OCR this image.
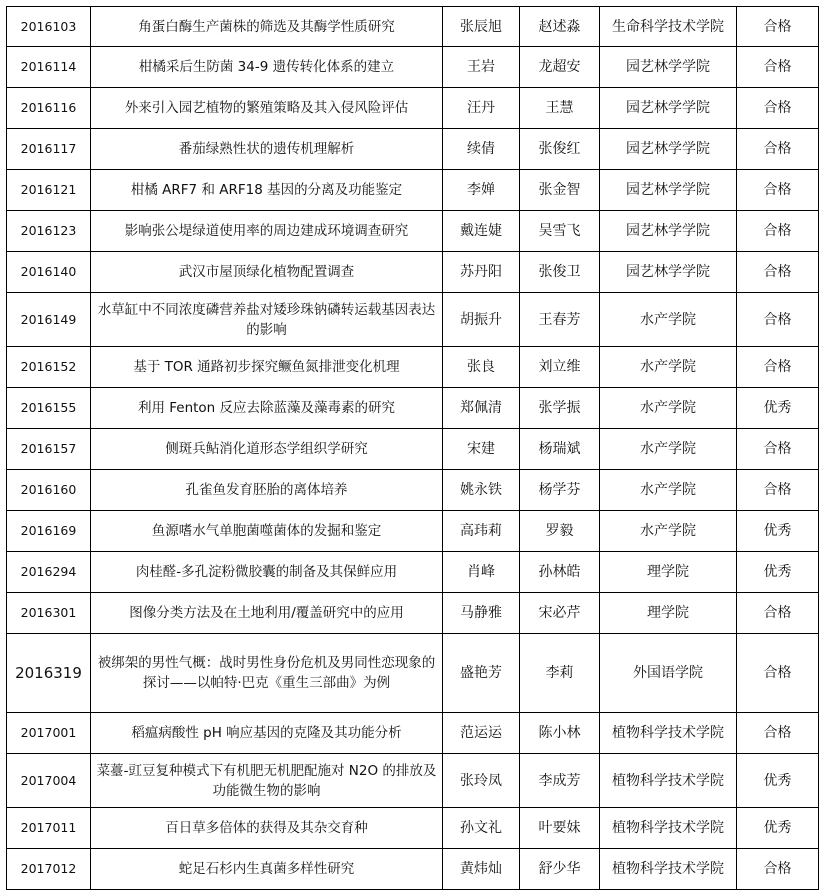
2016103	角蛋白酶生产菌株的筛选及其酶学性质研究	张辰旭	赵述淼	生命科学技术学院	合格
2016114	柑橘采后生防菌 34-9 遗传转化体系的建立	王岩	龙超安	园艺林学学院	合格
2016116	外来引入园艺植物的繁殖策略及其入侵风险评估	汪丹	王慧	园艺林学学院	合格
2016117	番茄绿熟性状的遗传机理解析	续倩	张俊红	园艺林学学院	合格
2016121	柑橘 ARF7 和 ARF18 基因的分离及功能鉴定	李婵	张金智	园艺林学学院	合格
2016123	影响张公堤绿道使用率的周边建成环境调查研究	戴连婕	吴雪飞	园艺林学学院	合格
2016140	武汉市屋顶绿化植物配置调查	苏丹阳	张俊卫	园艺林学学院	合格
2016149	水草缸中不同浓度磷营养盐对矮珍珠钠磷转运载基因表达的影响	胡振升	王春芳	水产学院	合格
2016152	基于 TOR 通路初步探究鳜鱼氮排泄变化机理	张良	刘立维	水产学院	合格
2016155	利用 Fenton 反应去除蓝藻及藻毒素的研究	郑佩清	张学振	水产学院	优秀
2016157	侧斑兵鲇消化道形态学组织学研究	宋建	杨瑞斌	水产学院	合格
2016160	孔雀鱼发育胚胎的离体培养	姚永铁	杨学芬	水产学院	合格
2016169	鱼源嗜水气单胞菌噬菌体的发掘和鉴定	高玮莉	罗毅	水产学院	优秀
2016294	肉桂醛-多孔淀粉微胶囊的制备及其保鲜应用	肖峰	孙林皓	理学院	优秀
2016301	图像分类方法及在土地利用/覆盖研究中的应用	马静雅	宋必芹	理学院	合格
2016319	被绑架的男性气概：战时男性身份危机及男同性恋现象的探讨——以帕特·巴克《重生三部曲》为例	盛艳芳	李莉	外国语学院	合格
2017001	稻瘟病酸性 pH 响应基因的克隆及其功能分析	范运运	陈小林	植物科学技术学院	合格
2017004	菜薹-豇豆复种模式下有机肥无机肥配施对 N2O 的排放及功能微生物的影响	张玲凤	李成芳	植物科学技术学院	优秀
2017011	百日草多倍体的获得及其杂交育种	孙文礼	叶要妹	植物科学技术学院	优秀
2017012	蛇足石杉内生真菌多样性研究	黄炜灿	舒少华	植物科学技术学院	合格
